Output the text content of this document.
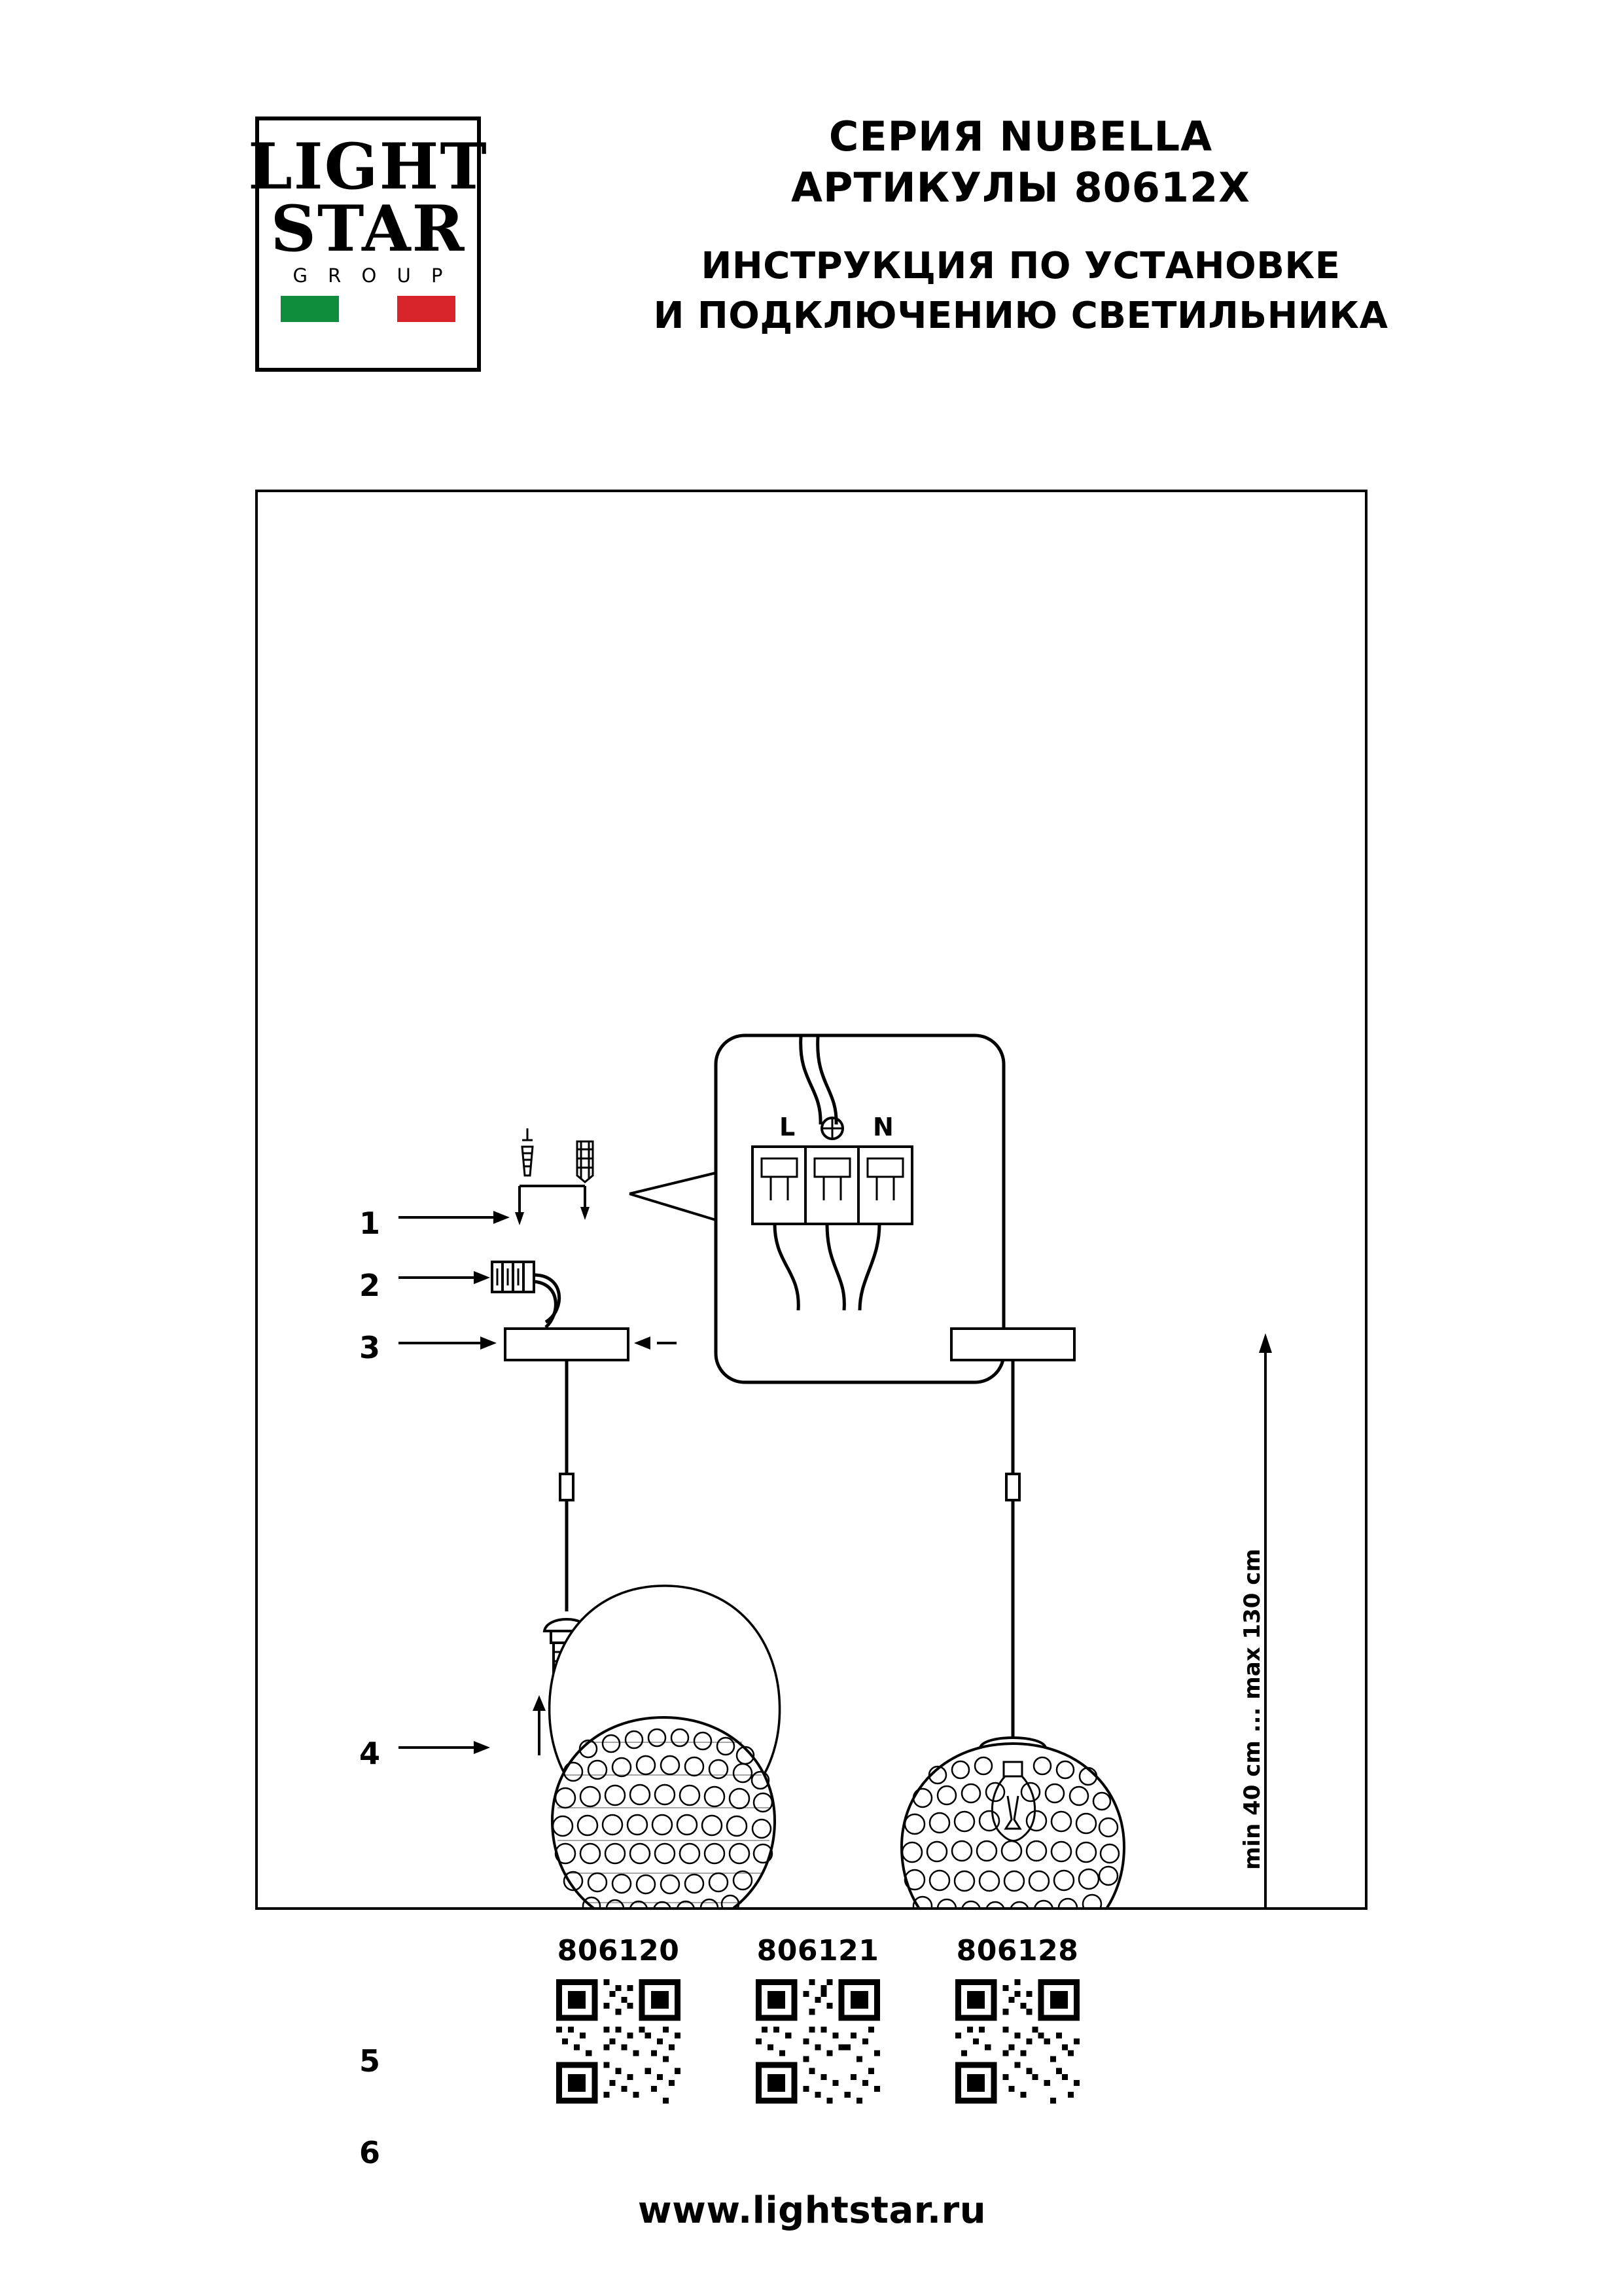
LIGHT
STAR
G R O U P
СЕРИЯ NUBELLA
АРТИКУЛЫ 80612X
ИНСТРУКЦИЯ ПО УСТАНОВКЕ
И ПОДКЛЮЧЕНИЮ СВЕТИЛЬНИКА
1
2
3
4
5
6
L	N
min 40 cm ... max 130 cm
806120	806121	806128
www.lightstar.ru
